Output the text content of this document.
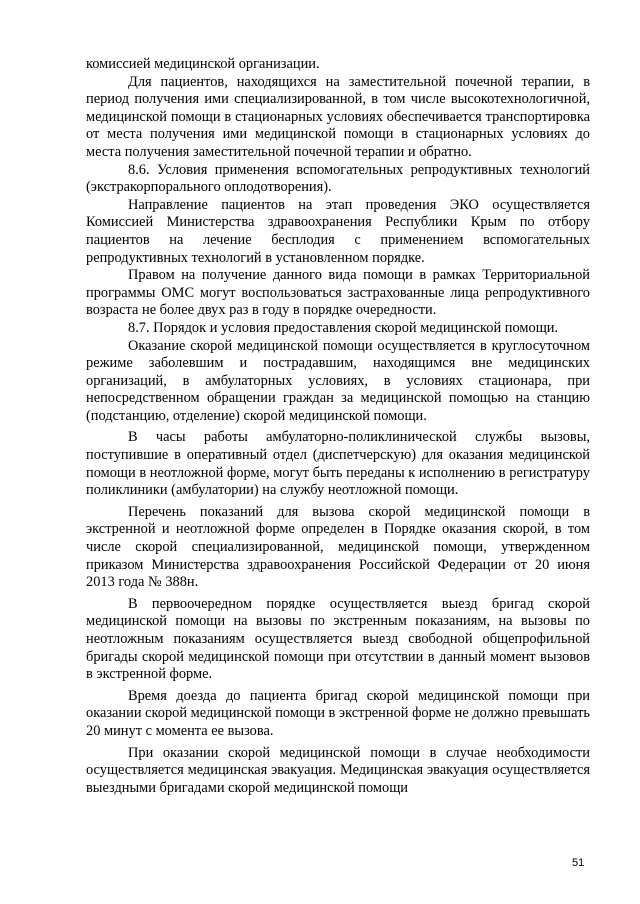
комиссией медицинской организации.

Для пациентов, находящихся на заместительной почечной терапии, в период получения ими специализированной, в том числе высокотехнологичной, медицинской помощи в стационарных условиях обеспечивается транспортировка от места получения ими медицинской помощи в стационарных условиях до места получения заместительной почечной терапии и обратно.

8.6. Условия применения вспомогательных репродуктивных технологий (экстракорпорального оплодотворения).

Направление пациентов на этап проведения ЭКО осуществляется Комиссией Министерства здравоохранения Республики Крым по отбору пациентов на лечение бесплодия с применением вспомогательных репродуктивных технологий в установленном порядке.

Правом на получение данного вида помощи в рамках Территориальной программы ОМС могут воспользоваться застрахованные лица репродуктивного возраста не более двух раз в году в порядке очередности.

8.7. Порядок и условия предоставления скорой медицинской помощи.

Оказание скорой медицинской помощи осуществляется в круглосуточном режиме заболевшим и пострадавшим, находящимся вне медицинских организаций, в амбулаторных условиях, в условиях стационара, при непосредственном обращении граждан за медицинской помощью на станцию (подстанцию, отделение) скорой медицинской помощи.

В часы работы амбулаторно-поликлинической службы вызовы, поступившие в оперативный отдел (диспетчерскую) для оказания медицинской помощи в неотложной форме, могут быть переданы к исполнению в регистратуру поликлиники (амбулатории) на службу неотложной помощи.

Перечень показаний для вызова скорой медицинской помощи в экстренной и неотложной форме определен в Порядке оказания скорой, в том числе скорой специализированной, медицинской помощи, утвержденном приказом Министерства здравоохранения Российской Федерации от 20 июня 2013 года № 388н.

В первоочередном порядке осуществляется выезд бригад скорой медицинской помощи на вызовы по экстренным показаниям, на вызовы по неотложным показаниям осуществляется выезд свободной общепрофильной бригады скорой медицинской помощи при отсутствии в данный момент вызовов в экстренной форме.

Время доезда до пациента бригад скорой медицинской помощи при оказании скорой медицинской помощи в экстренной форме не должно превышать 20 минут с момента ее вызова.

При оказании скорой медицинской помощи в случае необходимости осуществляется медицинская эвакуация. Медицинская эвакуация осуществляется выездными бригадами скорой медицинской помощи

51
